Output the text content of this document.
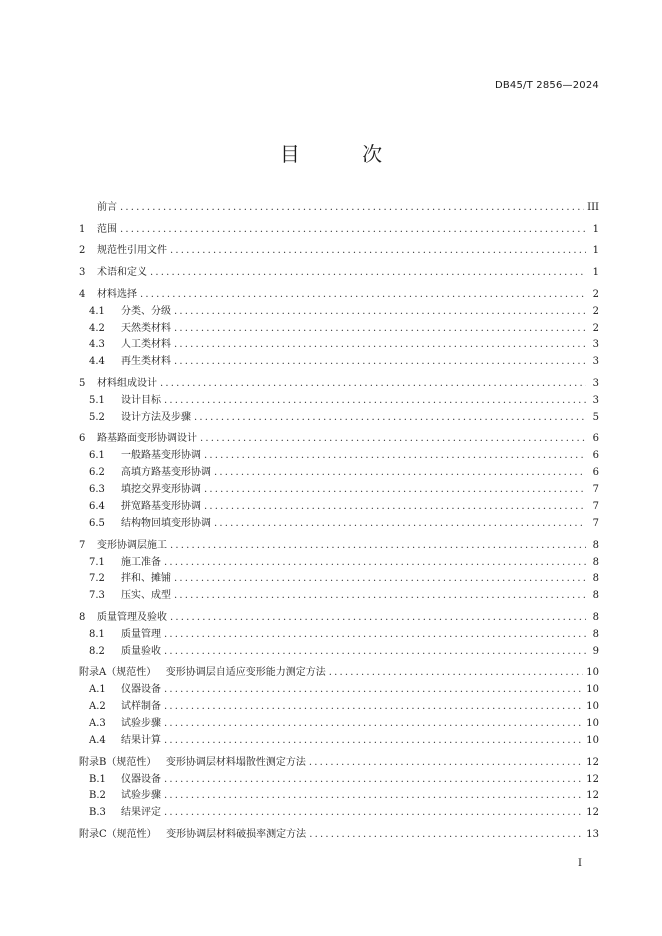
DB45/T 2856—2024
目 次
前言 .....	III
1	范围 .....	1
2	规范性引用文件 .....	1
3	术语和定义 .....	1
4	材料选择 .....	2
4.1	分类、分级 .....	2
4.2	天然类材料 .....	2
4.3	人工类材料 .....	3
4.4	再生类材料 .....	3
5	材料组成设计 .....	3
5.1	设计目标 .....	3
5.2	设计方法及步骤 .....	5
6	路基路面变形协调设计 .....	6
6.1	一般路基变形协调 .....	6
6.2	高填方路基变形协调 .....	6
6.3	填挖交界变形协调 .....	7
6.4	拼宽路基变形协调 .....	7
6.5	结构物回填变形协调 .....	7
7	变形协调层施工 .....	8
7.1	施工准备 .....	8
7.2	拌和、摊铺 .....	8
7.3	压实、成型 .....	8
8	质量管理及验收 .....	8
8.1	质量管理 .....	8
8.2	质量验收 .....	9
附录A（规范性）   变形协调层自适应变形能力测定方法 .....	10
A.1	仪器设备 .....	10
A.2	试样制备 .....	10
A.3	试验步骤 .....	10
A.4	结果计算 .....	10
附录B（规范性）   变形协调层材料塌散性测定方法 .....	12
B.1	仪器设备 .....	12
B.2	试验步骤 .....	12
B.3	结果评定 .....	12
附录C（规范性）   变形协调层材料破损率测定方法 .....	13
I
